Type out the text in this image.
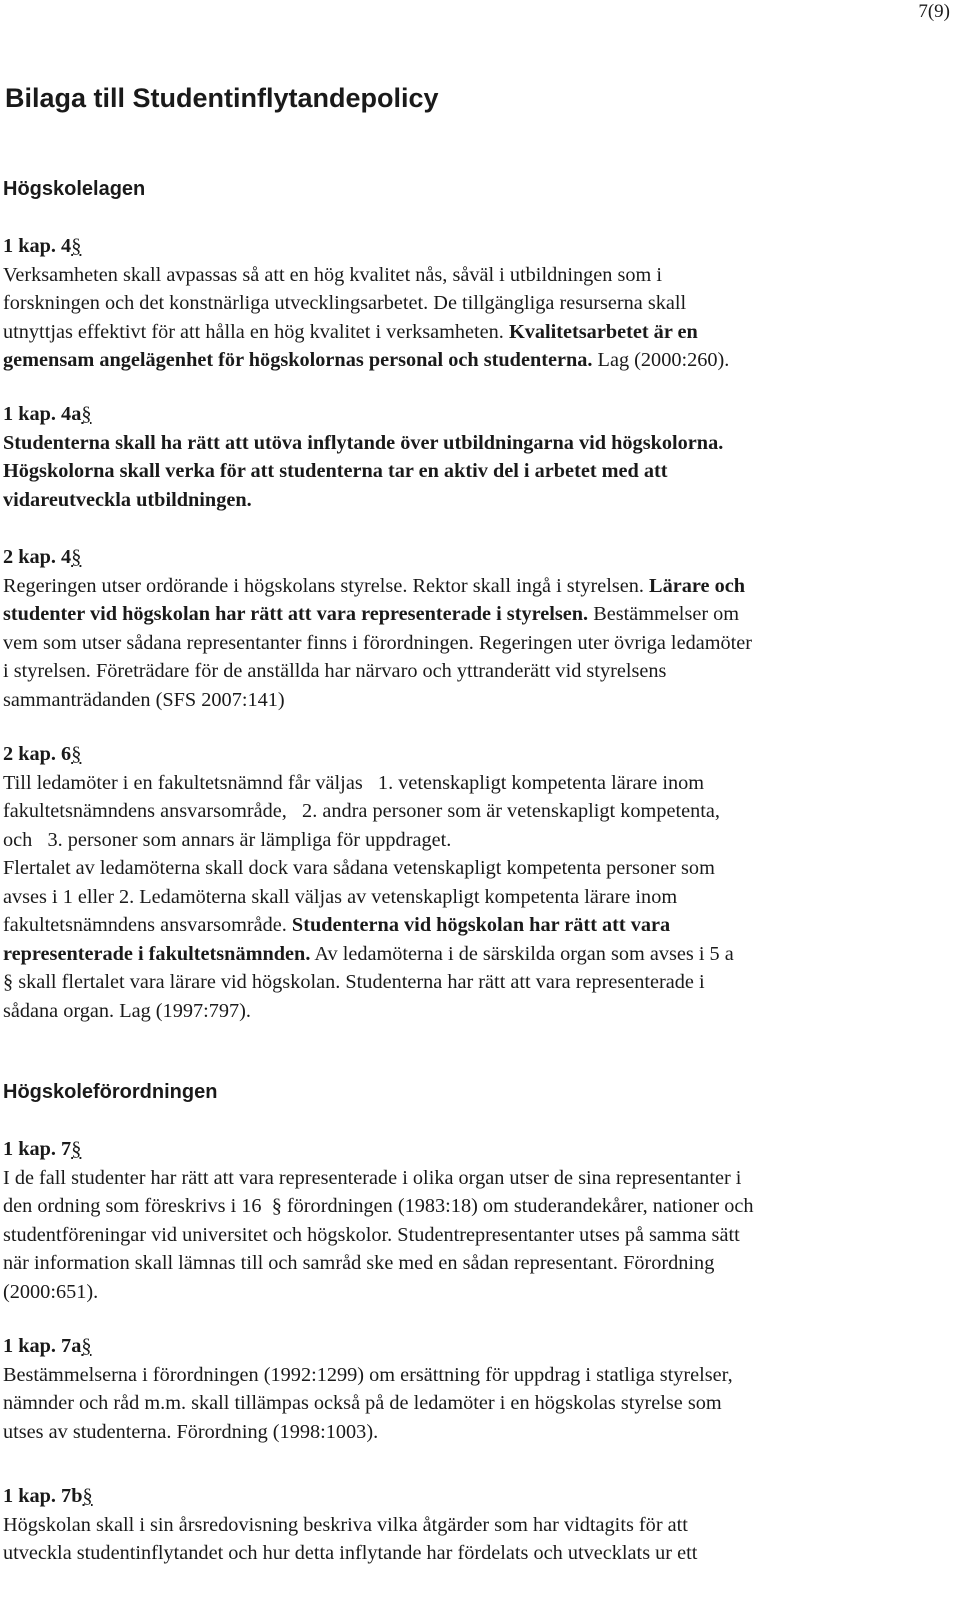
7(9)
Bilaga till Studentinflytandepolicy
Högskolelagen

1 kap. 4§

Verksamheten skall avpassas så att en hög kvalitet nås, såväl i utbildningen som i

forskningen och det konstnärliga utvecklingsarbetet. De tillgängliga resurserna skall

utnyttjas effektivt för att hålla en hög kvalitet i verksamheten. Kvalitetsarbetet är en

gemensam angelägenhet för högskolornas personal och studenterna. Lag (2000:260).

1 kap. 4a§

Studenterna skall ha rätt att utöva inflytande över utbildningarna vid högskolorna.

Högskolorna skall verka för att studenterna tar en aktiv del i arbetet med att

vidareutveckla utbildningen.

2 kap. 4§

Regeringen utser ordörande i högskolans styrelse. Rektor skall ingå i styrelsen. Lärare och

studenter vid högskolan har rätt att vara representerade i styrelsen. Bestämmelser om

vem som utser sådana representanter finns i förordningen. Regeringen uter övriga ledamöter

i styrelsen. Företrädare för de anställda har närvaro och yttranderätt vid styrelsens

sammanträdanden (SFS 2007:141)

2 kap. 6§

Till ledamöter i en fakultetsnämnd får väljas   1. vetenskapligt kompetenta lärare inom

fakultetsnämndens ansvarsområde,   2. andra personer som är vetenskapligt kompetenta,

och   3. personer som annars är lämpliga för uppdraget.

Flertalet av ledamöterna skall dock vara sådana vetenskapligt kompetenta personer som

avses i 1 eller 2. Ledamöterna skall väljas av vetenskapligt kompetenta lärare inom

fakultetsnämndens ansvarsområde. Studenterna vid högskolan har rätt att vara

representerade i fakultetsnämnden. Av ledamöterna i de särskilda organ som avses i 5 a

§ skall flertalet vara lärare vid högskolan. Studenterna har rätt att vara representerade i

sådana organ. Lag (1997:797).

Högskoleförordningen

1 kap. 7§

I de fall studenter har rätt att vara representerade i olika organ utser de sina representanter i

den ordning som föreskrivs i 16  § förordningen (1983:18) om studerandekårer, nationer och

studentföreningar vid universitet och högskolor. Studentrepresentanter utses på samma sätt

när information skall lämnas till och samråd ske med en sådan representant. Förordning

(2000:651).

1 kap. 7a§

Bestämmelserna i förordningen (1992:1299) om ersättning för uppdrag i statliga styrelser,

nämnder och råd m.m. skall tillämpas också på de ledamöter i en högskolas styrelse som

utses av studenterna. Förordning (1998:1003).

1 kap. 7b§

Högskolan skall i sin årsredovisning beskriva vilka åtgärder som har vidtagits för att

utveckla studentinflytandet och hur detta inflytande har fördelats och utvecklats ur ett
